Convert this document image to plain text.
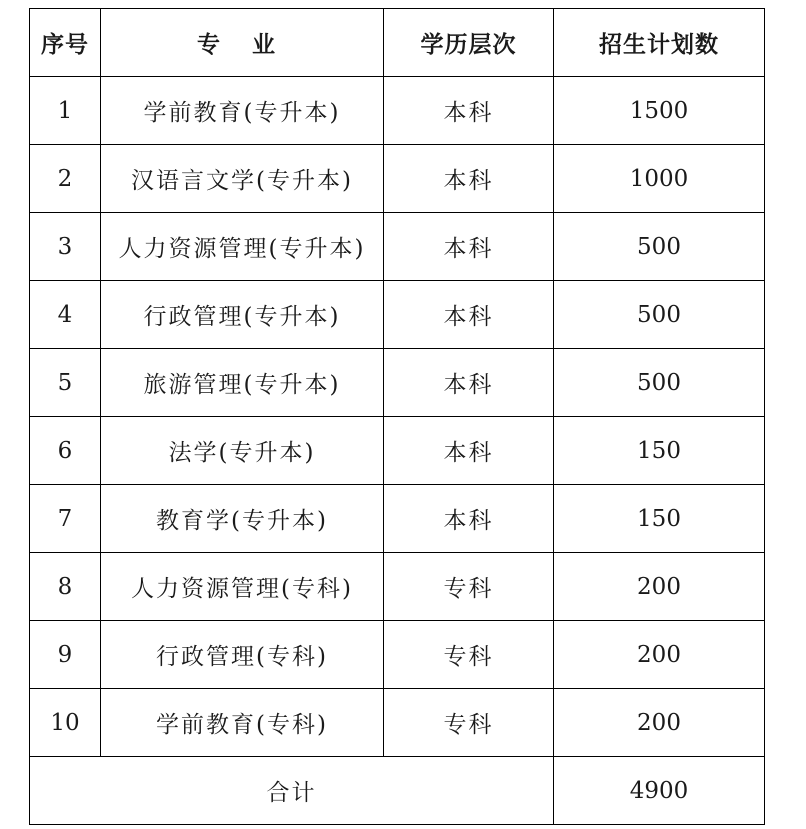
序号	专 业	学历层次	招生计划数
1	学前教育(专升本)	本科	1500
2	汉语言文学(专升本)	本科	1000
3	人力资源管理(专升本)	本科	500
4	行政管理(专升本)	本科	500
5	旅游管理(专升本)	本科	500
6	法学(专升本)	本科	150
7	教育学(专升本)	本科	150
8	人力资源管理(专科)	专科	200
9	行政管理(专科)	专科	200
10	学前教育(专科)	专科	200
合计			4900
